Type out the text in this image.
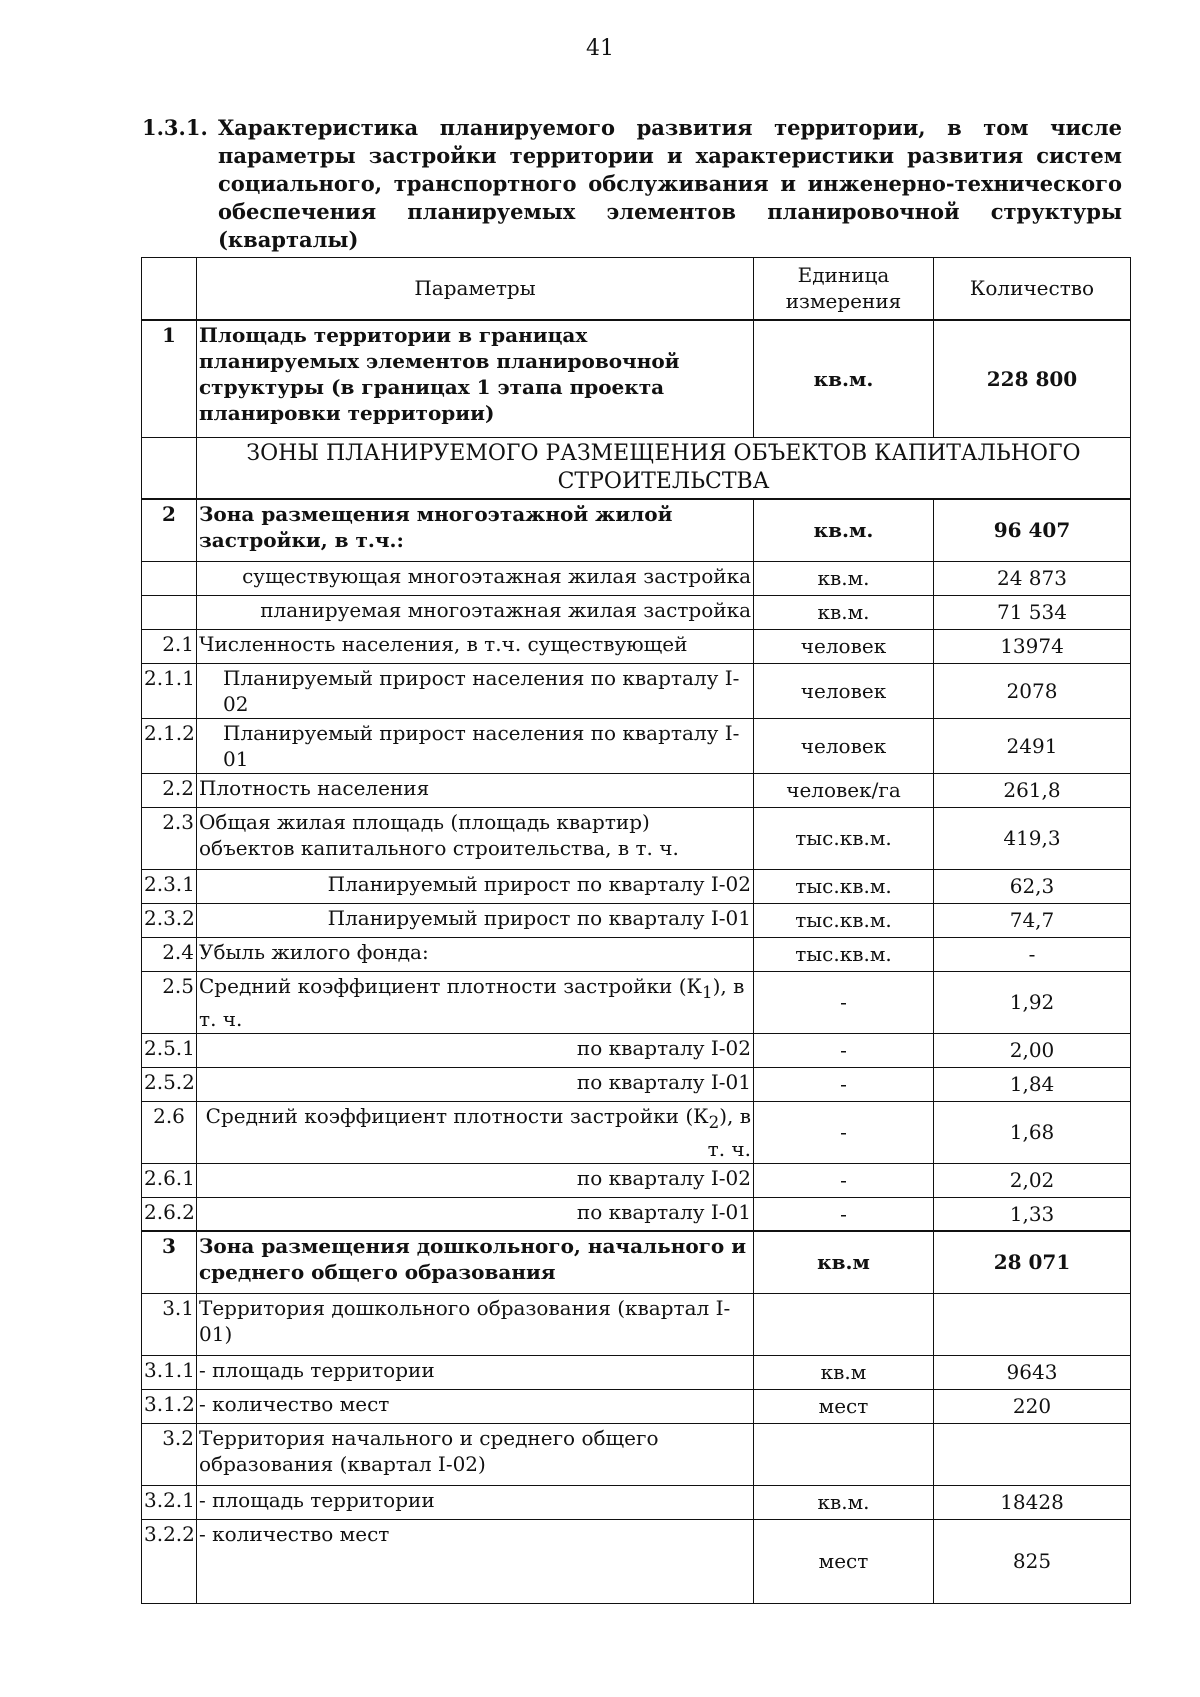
41
1.3.1. Характеристика планируемого развития территории, в том числе параметры застройки территории и характеристики развития систем социального, транспортного обслуживания и инженерно-технического обеспечения планируемых элементов планировочной структуры (кварталы)
	Параметры	Единица измерения	Количество
1	Площадь территории в границах планируемых элементов планировочной структуры (в границах 1 этапа проекта планировки территории)	кв.м.	228 800
	ЗОНЫ ПЛАНИРУЕМОГО РАЗМЕЩЕНИЯ ОБЪЕКТОВ КАПИТАЛЬНОГО СТРОИТЕЛЬСТВА		
2	Зона размещения многоэтажной жилой застройки, в т.ч.:	кв.м.	96 407
	существующая многоэтажная жилая застройка	кв.м.	24 873
	планируемая многоэтажная жилая застройка	кв.м.	71 534
2.1	Численность населения, в т.ч. существующей	человек	13974
2.1.1	Планируемый прирост населения по кварталу I-02	человек	2078
2.1.2	Планируемый прирост населения по кварталу I-01	человек	2491
2.2	Плотность населения	человек/га	261,8
2.3	Общая жилая площадь (площадь квартир) объектов капитального строительства, в т. ч.	тыс.кв.м.	419,3
2.3.1	Планируемый прирост по кварталу I-02	тыс.кв.м.	62,3
2.3.2	Планируемый прирост по кварталу I-01	тыс.кв.м.	74,7
2.4	Убыль жилого фонда:	тыс.кв.м.	-
2.5	Средний коэффициент плотности застройки $(К_1)$, в т. ч.	-	1,92
2.5.1	по кварталу I-02	-	2,00
2.5.2	по кварталу I-01	-	1,84
2.6	Средний коэффициент плотности застройки $(К_2)$, в т. ч.	-	1,68
2.6.1	по кварталу I-02	-	2,02
2.6.2	по кварталу I-01	-	1,33
3	Зона размещения дошкольного, начального и среднего общего образования	кв.м	28 071
3.1	Территория дошкольного образования (квартал I-01)		
3.1.1	- площадь территории	кв.м	9643
3.1.2	- количество мест	мест	220
3.2	Территория начального и среднего общего образования (квартал I-02)		
3.2.1	- площадь территории	кв.м.	18428
3.2.2	- количество мест	мест	825
